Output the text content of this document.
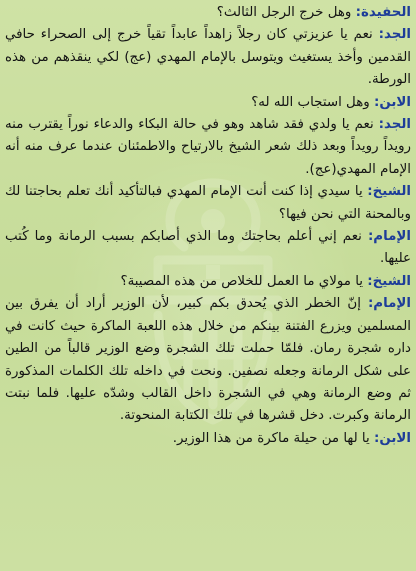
الحفيدة: وهل خرج الرجل الثالث؟

الجد: نعم يا عزيزتي كان رجلاً زاهداً عابداً تقياً خرج إلى الصحراء حافي القدمين وأخذ يستغيث ويتوسل بالإمام المهدي (عج) لكي ينقذهم من هذه الورطة.

الابن: وهل استجاب الله له؟

الجد: نعم يا ولدي فقد شاهد وهو في حالة البكاء والدعاء نوراً يقترب منه رويداً رويداً وبعد ذلك شعر الشيخ بالارتياح والاطمئنان عندما عرف منه أنه الإمام المهدي(عج).

الشيخ: يا سيدي إذا كنت أنت الإمام المهدي فبالتأكيد أنك تعلم بحاجتنا لك وبالمحنة التي نحن فيها؟

الإمام: نعم إني أعلم بحاجتك وما الذي أصابكم بسبب الرمانة وما كُتب عليها.

الشيخ: يا مولاي ما العمل للخلاص من هذه المصيبة؟

الإمام: إنّ الخطر الذي يُحدق بكم كبير، لأن الوزير أراد أن يفرق بين المسلمين ويزرع الفتنة بينكم من خلال هذه اللعبة الماكرة حيث كانت في داره شجرة رمان. فلمّا حملت تلك الشجرة وضع الوزير قالباً من الطين على شكل الرمانة وجعله نصفين. ونحت في داخله تلك الكلمات المذكورة ثم وضع الرمانة وهي في الشجرة داخل القالب وشدّه عليها. فلما نبتت الرمانة وكبرت. دخل قشرها في تلك الكتابة المنحوتة.

الابن: يا لها من حيلة ماكرة من هذا الوزير.
